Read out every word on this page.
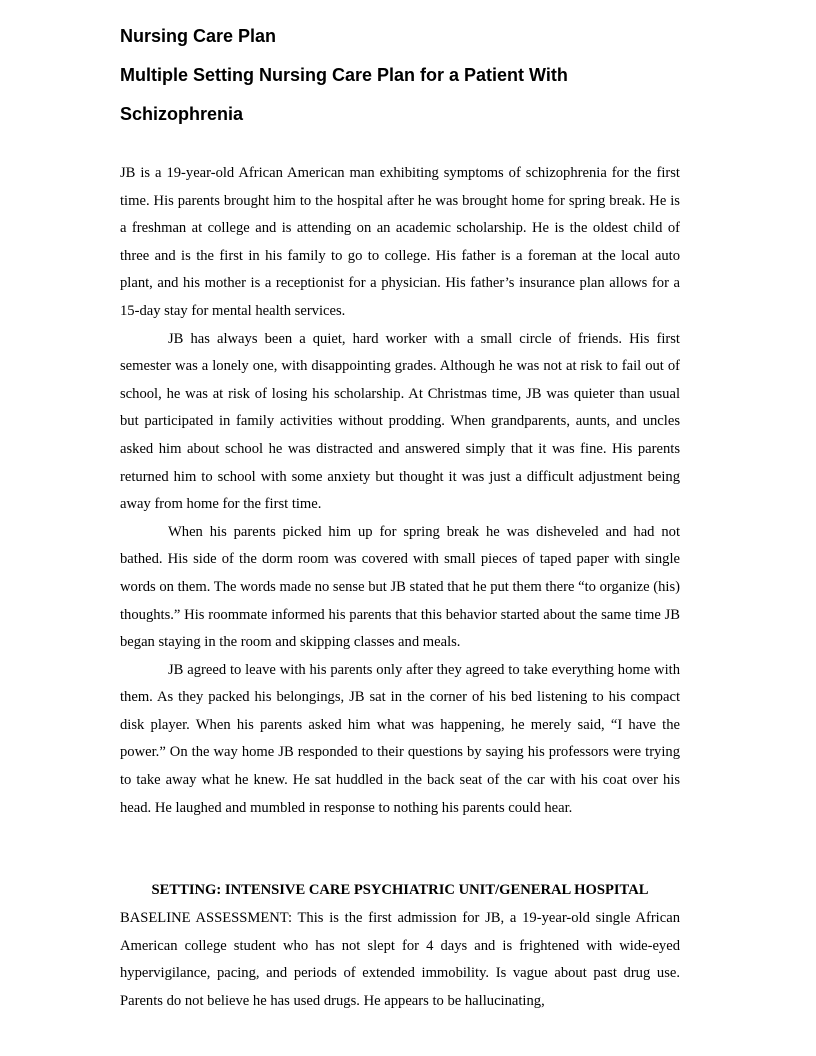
Nursing Care Plan
Multiple Setting Nursing Care Plan for a Patient With
Schizophrenia

JB is a 19-year-old African American man exhibiting symptoms of schizophrenia for the first time. His parents brought him to the hospital after he was brought home for spring break. He is a freshman at college and is attending on an academic scholarship. He is the oldest child of three and is the first in his family to go to college. His father is a foreman at the local auto plant, and his mother is a receptionist for a physician. His father’s insurance plan allows for a 15-day stay for mental health services.

JB has always been a quiet, hard worker with a small circle of friends. His first semester was a lonely one, with disappointing grades. Although he was not at risk to fail out of school, he was at risk of losing his scholarship. At Christmas time, JB was quieter than usual but participated in family activities without prodding. When grandparents, aunts, and uncles asked him about school he was distracted and answered simply that it was fine. His parents returned him to school with some anxiety but thought it was just a difficult adjustment being away from home for the first time.

When his parents picked him up for spring break he was disheveled and had not bathed. His side of the dorm room was covered with small pieces of taped paper with single words on them. The words made no sense but JB stated that he put them there “to organize (his) thoughts.” His roommate informed his parents that this behavior started about the same time JB began staying in the room and skipping classes and meals.

JB agreed to leave with his parents only after they agreed to take everything home with them. As they packed his belongings, JB sat in the corner of his bed listening to his compact disk player. When his parents asked him what was happening, he merely said, “I have the power.” On the way home JB responded to their questions by saying his professors were trying to take away what he knew. He sat huddled in the back seat of the car with his coat over his head. He laughed and mumbled in response to nothing his parents could hear.

SETTING: INTENSIVE CARE PSYCHIATRIC UNIT/GENERAL HOSPITAL

BASELINE ASSESSMENT: This is the first admission for JB, a 19-year-old single African American college student who has not slept for 4 days and is frightened with wide-eyed hypervigilance, pacing, and periods of extended immobility. Is vague about past drug use. Parents do not believe he has used drugs. He appears to be hallucinating,
